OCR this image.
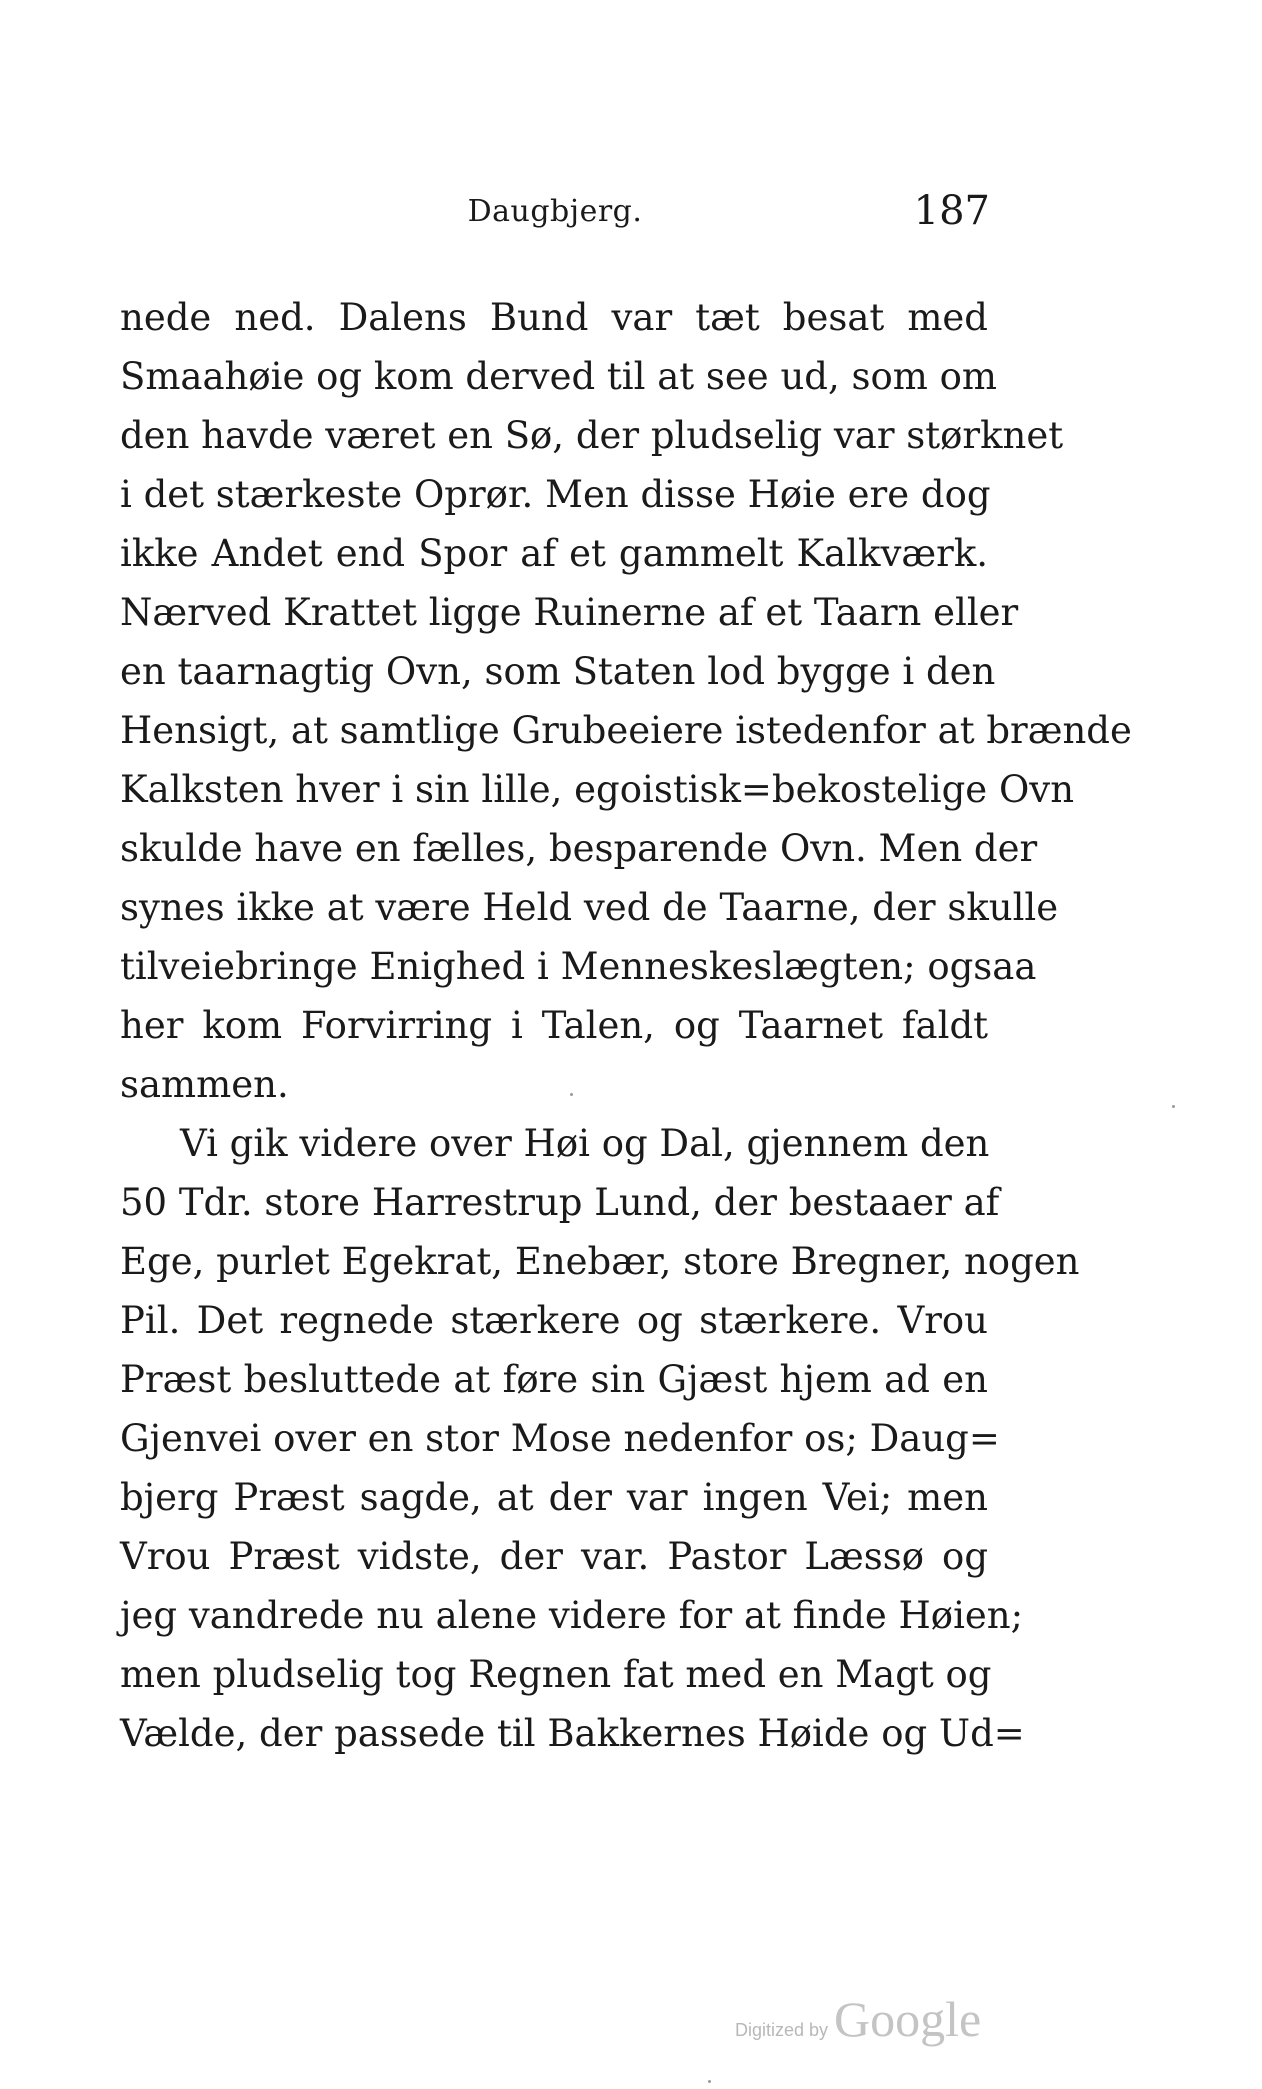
Daugbjerg.	187
nede ned. Dalens Bund var tæt besat med
Smaahøie og kom derved til at see ud, som om
den havde været en Sø, der pludselig var størknet
i det stærkeste Oprør. Men disse Høie ere dog
ikke Andet end Spor af et gammelt Kalkværk.
Nærved Krattet ligge Ruinerne af et Taarn eller
en taarnagtig Ovn, som Staten lod bygge i den
Hensigt, at samtlige Grubeeiere istedenfor at brænde
Kalksten hver i sin lille, egoistisk=bekostelige Ovn
skulde have en fælles, besparende Ovn. Men der
synes ikke at være Held ved de Taarne, der skulle
tilveiebringe Enighed i Menneskeslægten; ogsaa
her kom Forvirring i Talen, og Taarnet faldt
sammen.
Vi gik videre over Høi og Dal, gjennem den
50 Tdr. store Harrestrup Lund, der bestaaer af
Ege, purlet Egekrat, Enebær, store Bregner, nogen
Pil. Det regnede stærkere og stærkere. Vrou
Præst besluttede at føre sin Gjæst hjem ad en
Gjenvei over en stor Mose nedenfor os; Daug=
bjerg Præst sagde, at der var ingen Vei; men
Vrou Præst vidste, der var. Pastor Læssø og
jeg vandrede nu alene videre for at finde Høien;
men pludselig tog Regnen fat med en Magt og
Vælde, der passede til Bakkernes Høide og Ud=
Digitized by Google
